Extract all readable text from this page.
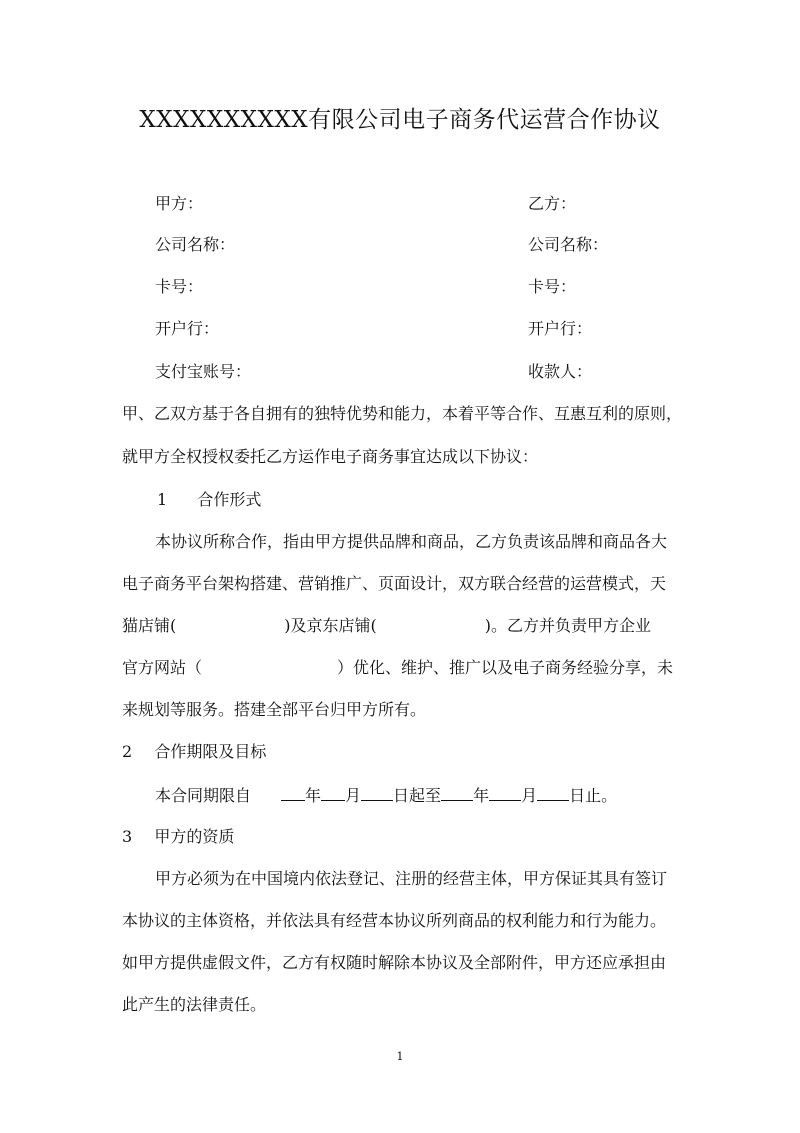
XXXXXXXXXX有限公司电子商务代运营合作协议
甲方：	乙方：
公司名称：	公司名称：
卡号：	卡号：
开户行：	开户行：
支付宝账号：	收款人：
甲、乙双方基于各自拥有的独特优势和能力，本着平等合作、互惠互利的原则，
就甲方全权授权委托乙方运作电子商务事宜达成以下协议：
1 合作形式
本协议所称合作，指由甲方提供品牌和商品，乙方负责该品牌和商品各大
电子商务平台架构搭建、营销推广、页面设计，双方联合经营的运营模式，天
猫店铺(	)及京东店铺(	)。乙方并负责甲方企业
官方网站（	）优化、维护、推广以及电子商务经验分享，未
来规划等服务。搭建全部平台归甲方所有。
2 合作期限及目标
本合同期限自	年 月 日起至 年 月 日止。
3 甲方的资质
甲方必须为在中国境内依法登记、注册的经营主体，甲方保证其具有签订
本协议的主体资格，并依法具有经营本协议所列商品的权利能力和行为能力。
如甲方提供虚假文件，乙方有权随时解除本协议及全部附件，甲方还应承担由
此产生的法律责任。
1
